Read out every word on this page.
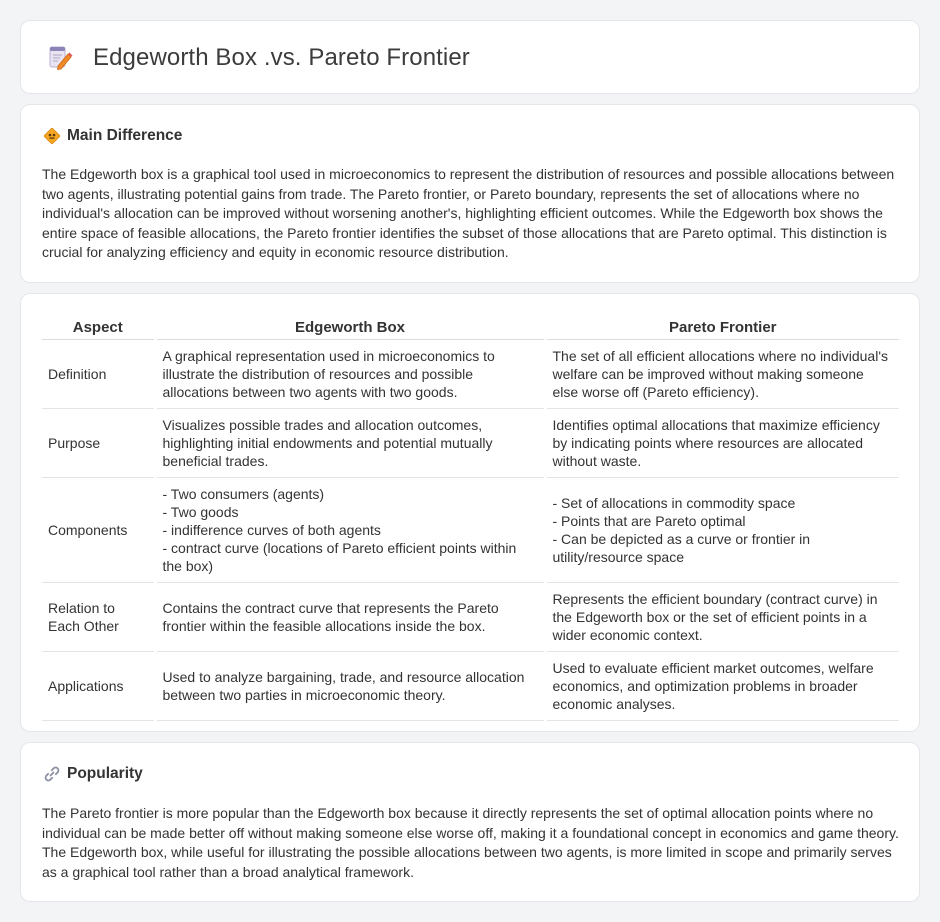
Edgeworth Box .vs. Pareto Frontier
Main Difference

The Edgeworth box is a graphical tool used in microeconomics to represent the distribution of resources and possible allocations between two agents, illustrating potential gains from trade. The Pareto frontier, or Pareto boundary, represents the set of allocations where no individual's allocation can be improved without worsening another's, highlighting efficient outcomes. While the Edgeworth box shows the entire space of feasible allocations, the Pareto frontier identifies the subset of those allocations that are Pareto optimal. This distinction is crucial for analyzing efficiency and equity in economic resource distribution.

Aspect	Edgeworth Box	Pareto Frontier
Definition	A graphical representation used in microeconomics to illustrate the distribution of resources and possible allocations between two agents with two goods.	The set of all efficient allocations where no individual's welfare can be improved without making someone else worse off (Pareto efficiency).

Purpose	Visualizes possible trades and allocation outcomes, highlighting initial endowments and potential mutually beneficial trades.	Identifies optimal allocations that maximize efficiency by indicating points where resources are allocated without waste.

Components	- Two consumers (agents)
- Two goods
- indifference curves of both agents
- contract curve (locations of Pareto efficient points within the box)	- Set of allocations in commodity space
- Points that are Pareto optimal
- Can be depicted as a curve or frontier in utility/resource space

Relation to Each Other	Contains the contract curve that represents the Pareto frontier within the feasible allocations inside the box.	Represents the efficient boundary (contract curve) in the Edgeworth box or the set of efficient points in a wider economic context.

Applications	Used to analyze bargaining, trade, and resource allocation between two parties in microeconomic theory.	Used to evaluate efficient market outcomes, welfare economics, and optimization problems in broader economic analyses.
Popularity

The Pareto frontier is more popular than the Edgeworth box because it directly represents the set of optimal allocation points where no individual can be made better off without making someone else worse off, making it a foundational concept in economics and game theory. The Edgeworth box, while useful for illustrating the possible allocations between two agents, is more limited in scope and primarily serves as a graphical tool rather than a broad analytical framework.
